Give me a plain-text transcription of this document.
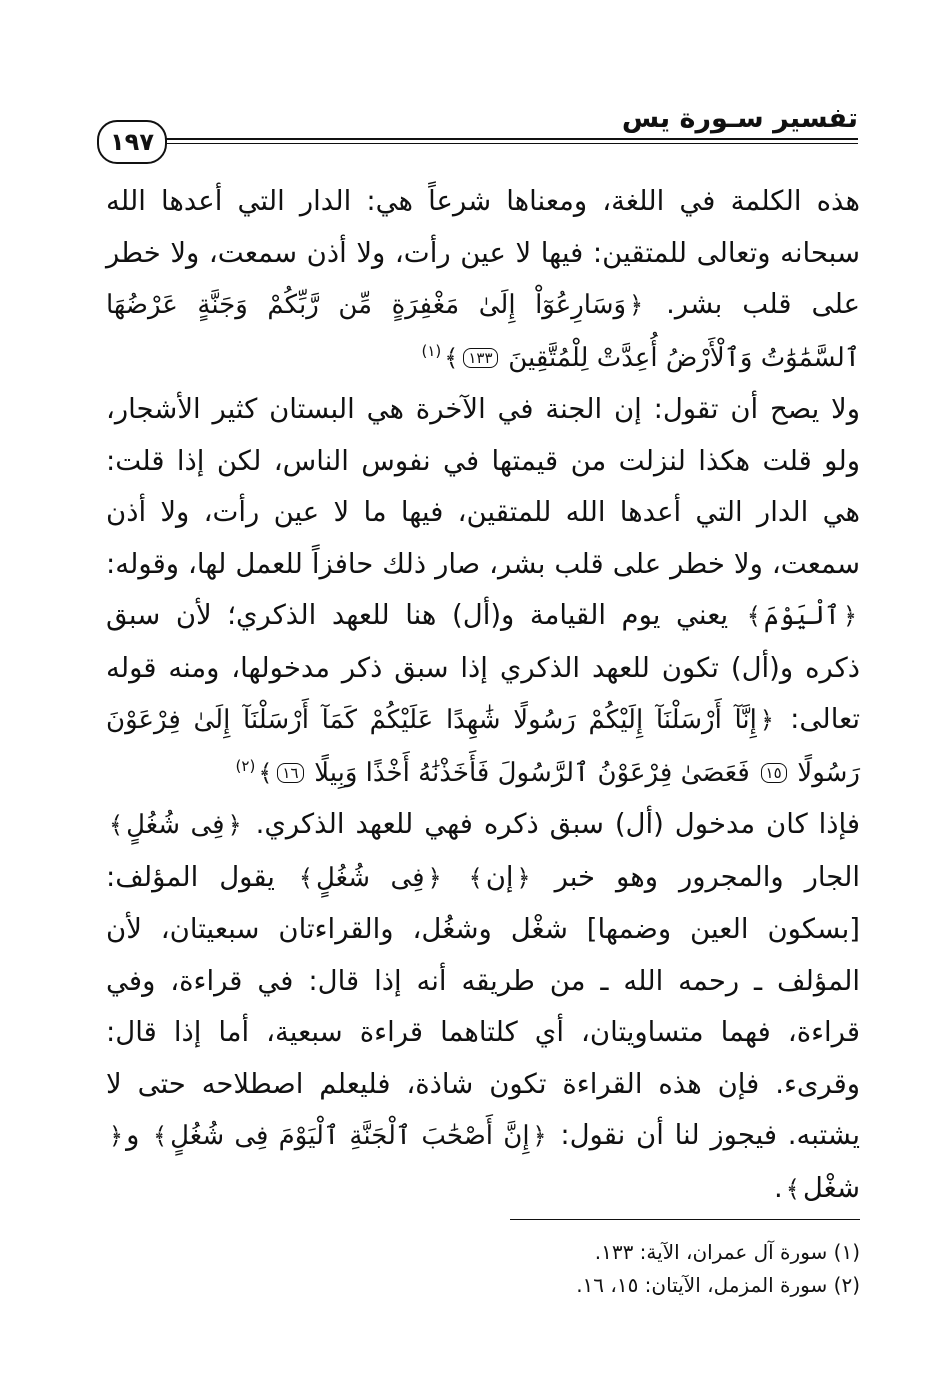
تفسير سـورة يس
١٩٧

هذه الكلمة في اللغة، ومعناها شرعاً هي: الدار التي أعدها الله سبحانه وتعالى للمتقين: فيها لا عين رأت، ولا أذن سمعت، ولا خطر على قلب بشر. ﴿وَسَارِعُوٓاْ إِلَىٰ مَغْفِرَةٍ مِّن رَّبِّكُمْ وَجَنَّةٍ عَرْضُهَا ٱلسَّمَٰوَٰتُ وَٱلْأَرْضُ أُعِدَّتْ لِلْمُتَّقِينَ ١٣٣﴾$^{(١)}$

ولا يصح أن تقول: إن الجنة في الآخرة هي البستان كثير الأشجار، ولو قلت هكذا لنزلت من قيمتها في نفوس الناس، لكن إذا قلت: هي الدار التي أعدها الله للمتقين، فيها ما لا عين رأت، ولا أذن سمعت، ولا خطر على قلب بشر، صار ذلك حافزاً للعمل لها، وقوله: ﴿ٱلْيَوْمَ﴾ يعني يوم القيامة و(أل) هنا للعهد الذكري؛ لأن سبق ذكره و(أل) تكون للعهد الذكري إذا سبق ذكر مدخولها، ومنه قوله تعالى: ﴿إِنَّآ أَرْسَلْنَآ إِلَيْكُمْ رَسُولًا شَٰهِدًا عَلَيْكُمْ كَمَآ أَرْسَلْنَآ إِلَىٰ فِرْعَوْنَ رَسُولًا ١٥ فَعَصَىٰ فِرْعَوْنُ ٱلرَّسُولَ فَأَخَذْنَٰهُ أَخْذًا وَبِيلًا ١٦﴾$^{(٢)}$

فإذا كان مدخول (أل) سبق ذكره فهي للعهد الذكري. ﴿فِى شُغُلٍ﴾ الجار والمجرور وهو خبر ﴿إن﴾ ﴿فِى شُغُلٍ﴾ يقول المؤلف: [بسكون العين وضمها] شغْل وشغُل، والقراءتان سبعيتان، لأن المؤلف ـ رحمه الله ـ من طريقه أنه إذا قال: في قراءة، وفي قراءة، فهما متساويتان، أي كلتاهما قراءة سبعية، أما إذا قال: وقرىء. فإن هذه القراءة تكون شاذة، فليعلم اصطلاحه حتى لا يشتبه. فيجوز لنا أن نقول: ﴿إِنَّ أَصْحَٰبَ ٱلْجَنَّةِ ٱلْيَوْمَ فِى شُغُلٍ﴾ و﴿شغْل﴾.

(١) سورة آل عمران، الآية: ١٣٣.
(٢) سورة المزمل، الآيتان: ١٥، ١٦.
